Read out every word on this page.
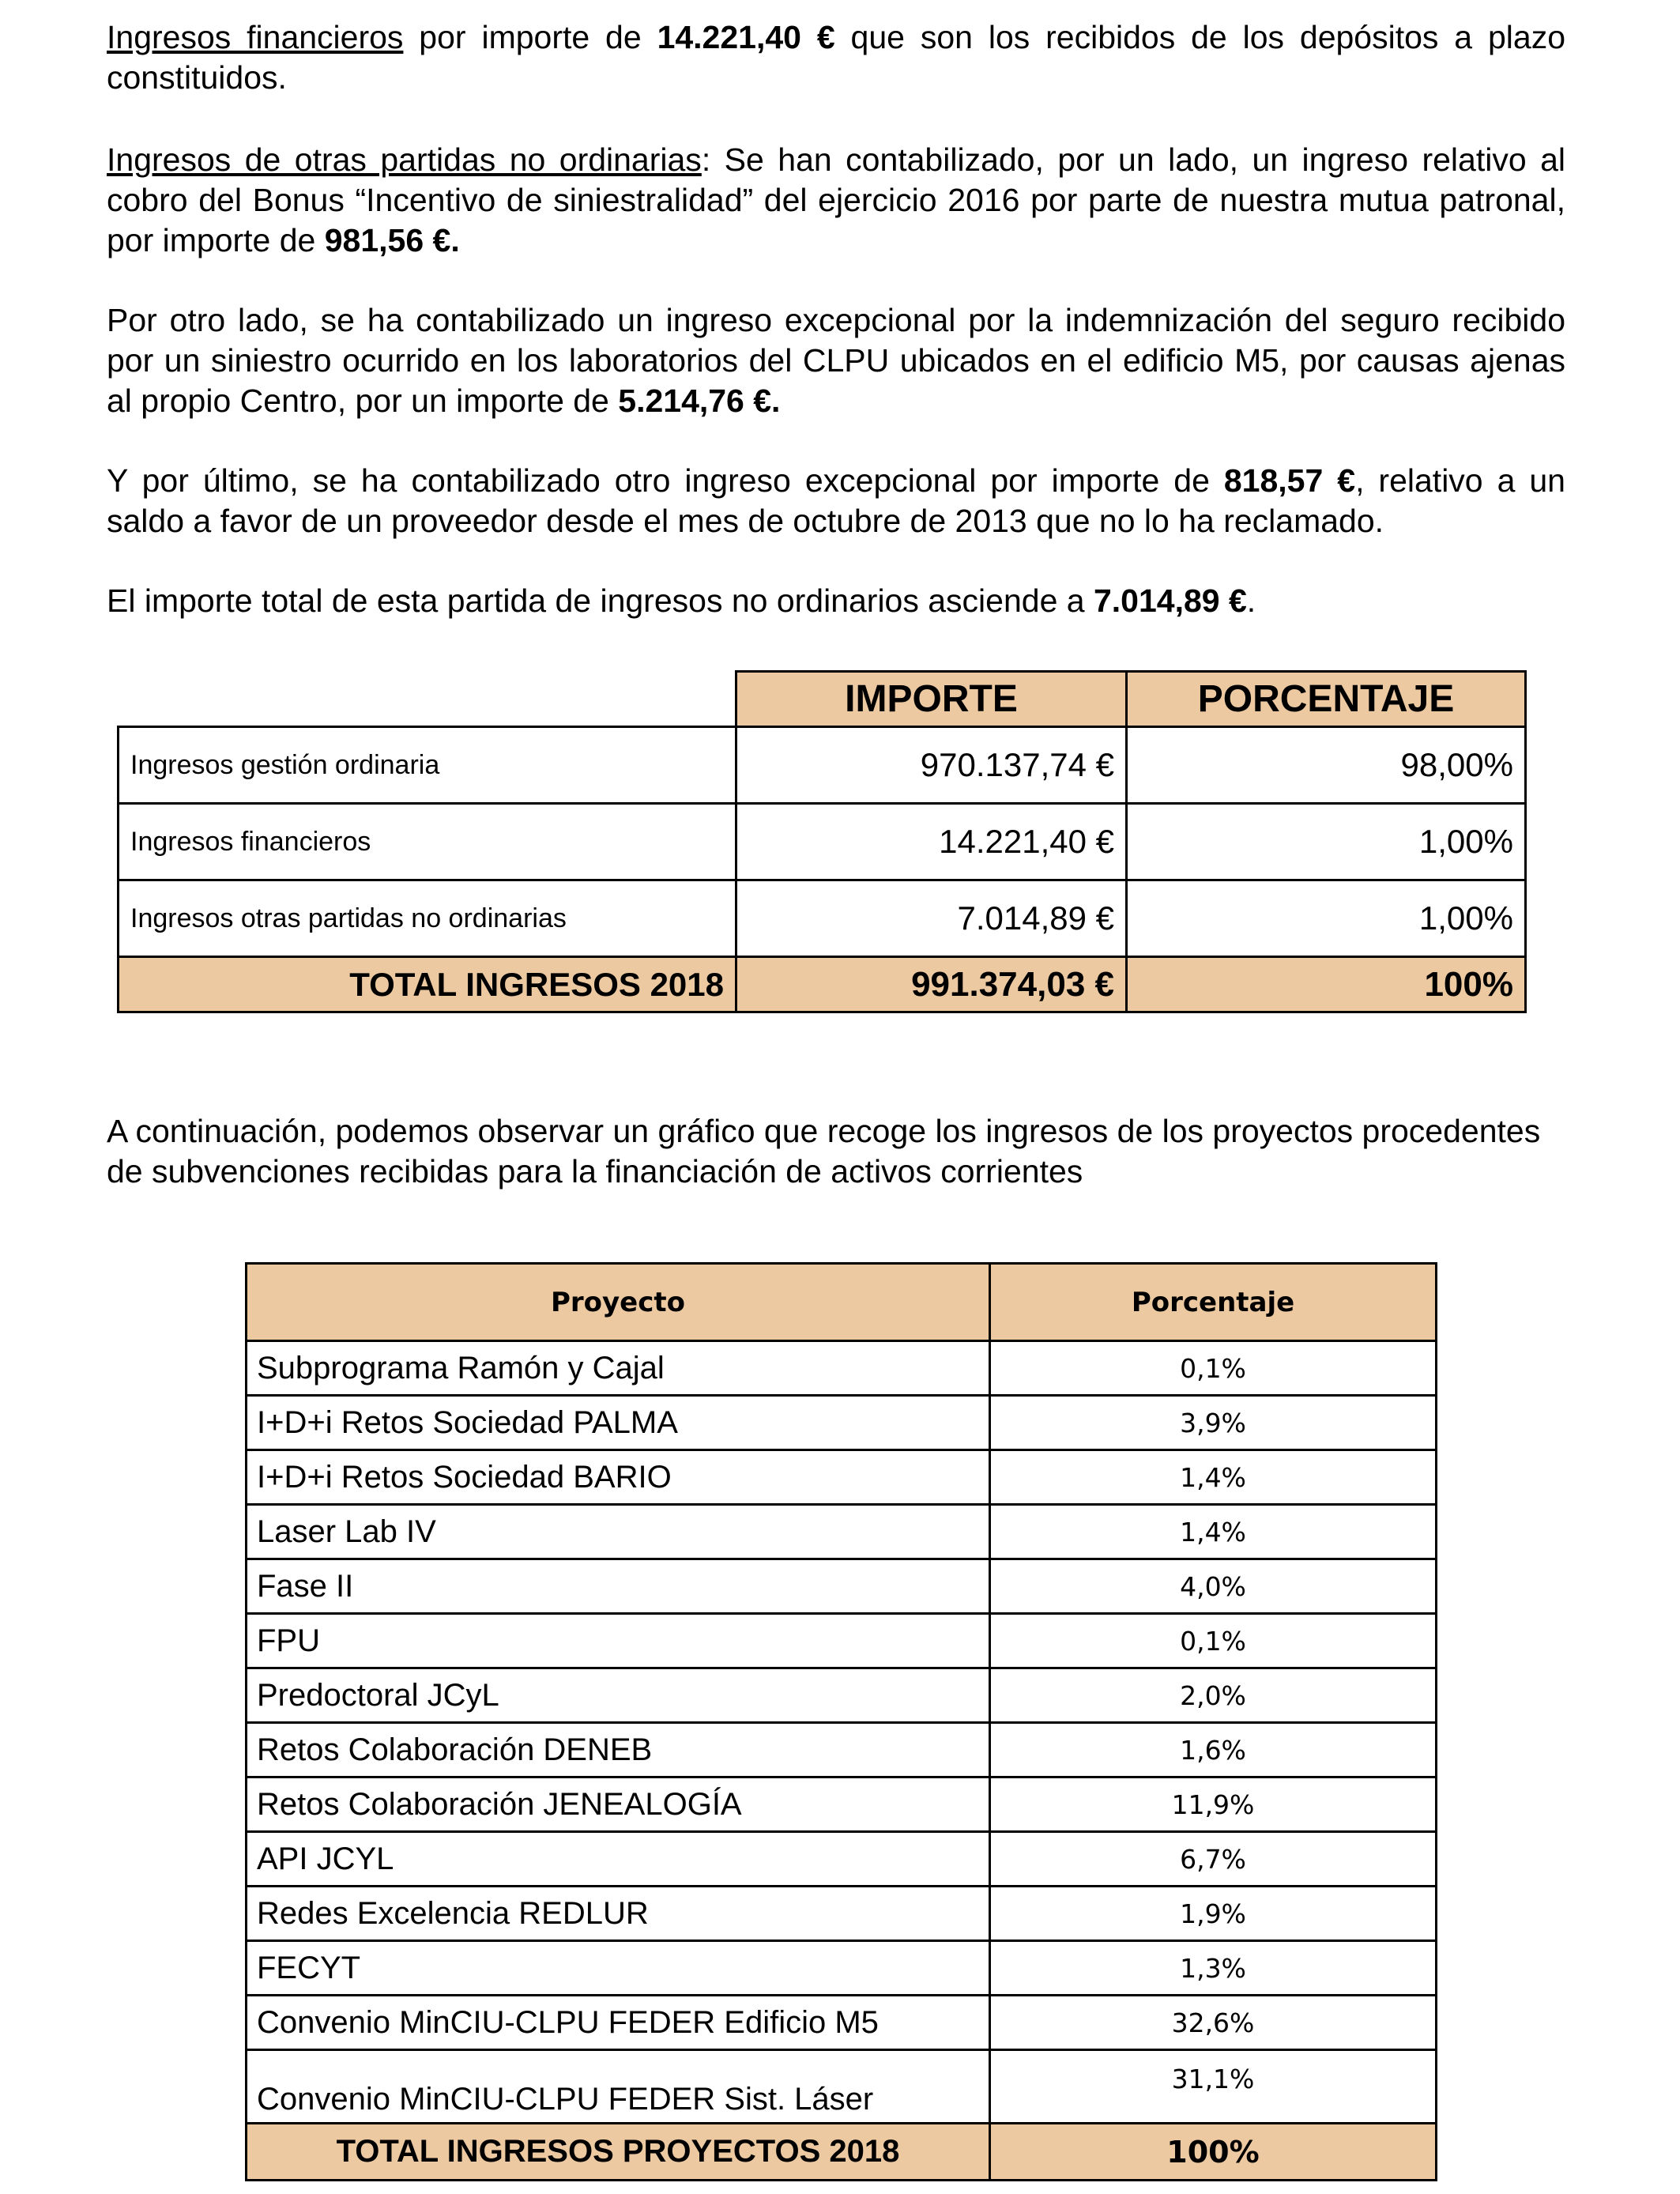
Ingresos financieros por importe de 14.221,40 € que son los recibidos de los depósitos a plazo constituidos.

Ingresos de otras partidas no ordinarias: Se han contabilizado, por un lado, un ingreso relativo al cobro del Bonus “Incentivo de siniestralidad” del ejercicio 2016 por parte de nuestra mutua patronal, por importe de 981,56 €.

Por otro lado, se ha contabilizado un ingreso excepcional por la indemnización del seguro recibido por un siniestro ocurrido en los laboratorios del CLPU ubicados en el edificio M5, por causas ajenas al propio Centro, por un importe de 5.214,76 €.

Y por último, se ha contabilizado otro ingreso excepcional por importe de 818,57 €, relativo a un saldo a favor de un proveedor desde el mes de octubre de 2013 que no lo ha reclamado.

El importe total de esta partida de ingresos no ordinarios asciende a 7.014,89 €.

	IMPORTE	PORCENTAJE
Ingresos gestión ordinaria	970.137,74 €	98,00%
Ingresos financieros	14.221,40 €	1,00%
Ingresos otras partidas no ordinarias	7.014,89 €	1,00%
TOTAL INGRESOS 2018	991.374,03 €	100%

A continuación, podemos observar un gráfico que recoge los ingresos de los proyectos procedentes de subvenciones recibidas para la financiación de activos corrientes

Proyecto	Porcentaje
Subprograma Ramón y Cajal	0,1%
I+D+i Retos Sociedad PALMA	3,9%
I+D+i Retos Sociedad BARIO	1,4%
Laser Lab IV	1,4%
Fase II	4,0%
FPU	0,1%
Predoctoral JCyL	2,0%
Retos Colaboración DENEB	1,6%
Retos Colaboración JENEALOGÍA	11,9%
API JCYL	6,7%
Redes Excelencia REDLUR	1,9%
FECYT	1,3%
Convenio MinCIU-CLPU FEDER Edificio M5	32,6%
Convenio MinCIU-CLPU FEDER Sist. Láser	31,1%
TOTAL INGRESOS PROYECTOS 2018	100%
